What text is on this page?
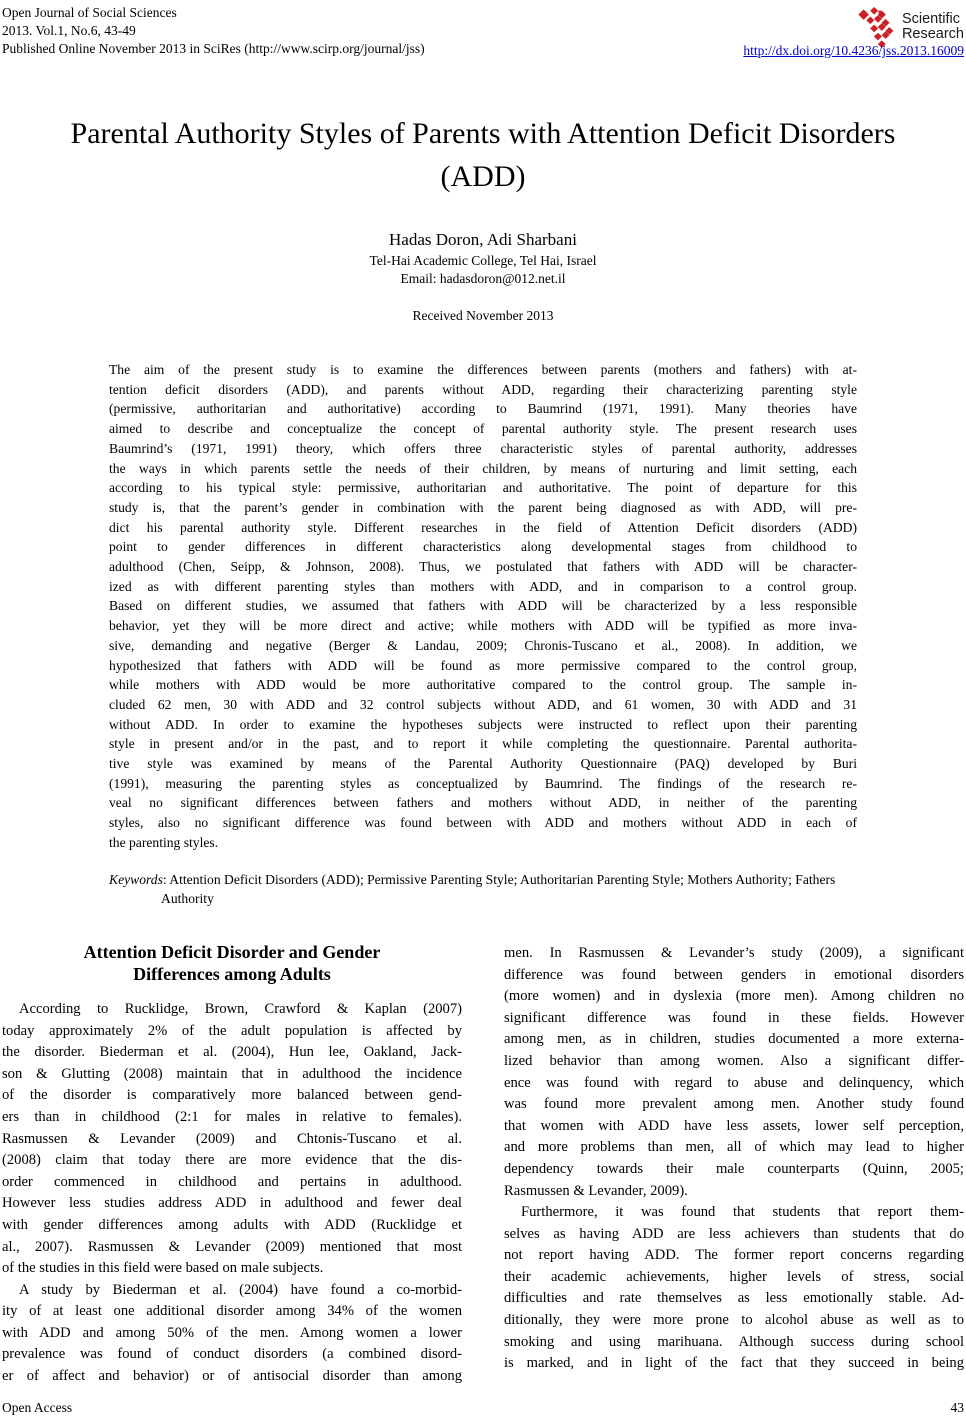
Open Journal of Social Sciences
2013. Vol.1, No.6, 43-49
Published Online November 2013 in SciRes (http://www.scirp.org/journal/jss)
Scientific
Research
http://dx.doi.org/10.4236/jss.2013.16009
Parental Authority Styles of Parents with Attention Deficit Disorders (ADD)
Hadas Doron, Adi Sharbani
Tel-Hai Academic College, Tel Hai, Israel
Email: hadasdoron@012.net.il
Received November 2013
The aim of the present study is to examine the differences between parents (mothers and fathers) with at-
tention deficit disorders (ADD), and parents without ADD, regarding their characterizing parenting style
(permissive, authoritarian and authoritative) according to Baumrind (1971, 1991). Many theories have
aimed to describe and conceptualize the concept of parental authority style. The present research uses
Baumrind’s (1971, 1991) theory, which offers three characteristic styles of parental authority, addresses
the ways in which parents settle the needs of their children, by means of nurturing and limit setting, each
according to his typical style: permissive, authoritarian and authoritative. The point of departure for this
study is, that the parent’s gender in combination with the parent being diagnosed as with ADD, will pre-
dict his parental authority style. Different researches in the field of Attention Deficit disorders (ADD)
point to gender differences in different characteristics along developmental stages from childhood to
adulthood (Chen, Seipp, & Johnson, 2008). Thus, we postulated that fathers with ADD will be character-
ized as with different parenting styles than mothers with ADD, and in comparison to a control group.
Based on different studies, we assumed that fathers with ADD will be characterized by a less responsible
behavior, yet they will be more direct and active; while mothers with ADD will be typified as more inva-
sive, demanding and negative (Berger & Landau, 2009; Chronis-Tuscano et al., 2008). In addition, we
hypothesized that fathers with ADD will be found as more permissive compared to the control group,
while mothers with ADD would be more authoritative compared to the control group. The sample in-
cluded 62 men, 30 with ADD and 32 control subjects without ADD, and 61 women, 30 with ADD and 31
without ADD. In order to examine the hypotheses subjects were instructed to reflect upon their parenting
style in present and/or in the past, and to report it while completing the questionnaire. Parental authorita-
tive style was examined by means of the Parental Authority Questionnaire (PAQ) developed by Buri
(1991), measuring the parenting styles as conceptualized by Baumrind. The findings of the research re-
veal no significant differences between fathers and mothers without ADD, in neither of the parenting
styles, also no significant difference was found between with ADD and mothers without ADD in each of
the parenting styles.
Keywords: Attention Deficit Disorders (ADD); Permissive Parenting Style; Authoritarian Parenting Style; Mothers Authority; Fathers Authority
Attention Deficit Disorder and Gender
Differences among Adults
According to Rucklidge, Brown, Crawford & Kaplan (2007)
today approximately 2% of the adult population is affected by
the disorder. Biederman et al. (2004), Hun lee, Oakland, Jack-
son & Glutting (2008) maintain that in adulthood the incidence
of the disorder is comparatively more balanced between gend-
ers than in childhood (2:1 for males in relative to females).
Rasmussen & Levander (2009) and Chtonis-Tuscano et al.
(2008) claim that today there are more evidence that the dis-
order commenced in childhood and pertains in adulthood.
However less studies address ADD in adulthood and fewer deal
with gender differences among adults with ADD (Rucklidge et
al., 2007). Rasmussen & Levander (2009) mentioned that most
of the studies in this field were based on male subjects.
A study by Biederman et al. (2004) have found a co-morbid-
ity of at least one additional disorder among 34% of the women
with ADD and among 50% of the men. Among women a lower
prevalence was found of conduct disorders (a combined disord-
er of affect and behavior) or of antisocial disorder than among
men. In Rasmussen & Levander’s study (2009), a significant
difference was found between genders in emotional disorders
(more women) and in dyslexia (more men). Among children no
significant difference was found in these fields. However
among men, as in children, studies documented a more externa-
lized behavior than among women. Also a significant differ-
ence was found with regard to abuse and delinquency, which
was found more prevalent among men. Another study found
that women with ADD have less assets, lower self perception,
and more problems than men, all of which may lead to higher
dependency towards their male counterparts (Quinn, 2005;
Rasmussen & Levander, 2009).
Furthermore, it was found that students that report them-
selves as having ADD are less achievers than students that do
not report having ADD. The former report concerns regarding
their academic achievements, higher levels of stress, social
difficulties and rate themselves as less emotionally stable. Ad-
ditionally, they were more prone to alcohol abuse as well as to
smoking and using marihuana. Although success during school
is marked, and in light of the fact that they succeed in being
Open Access	43
